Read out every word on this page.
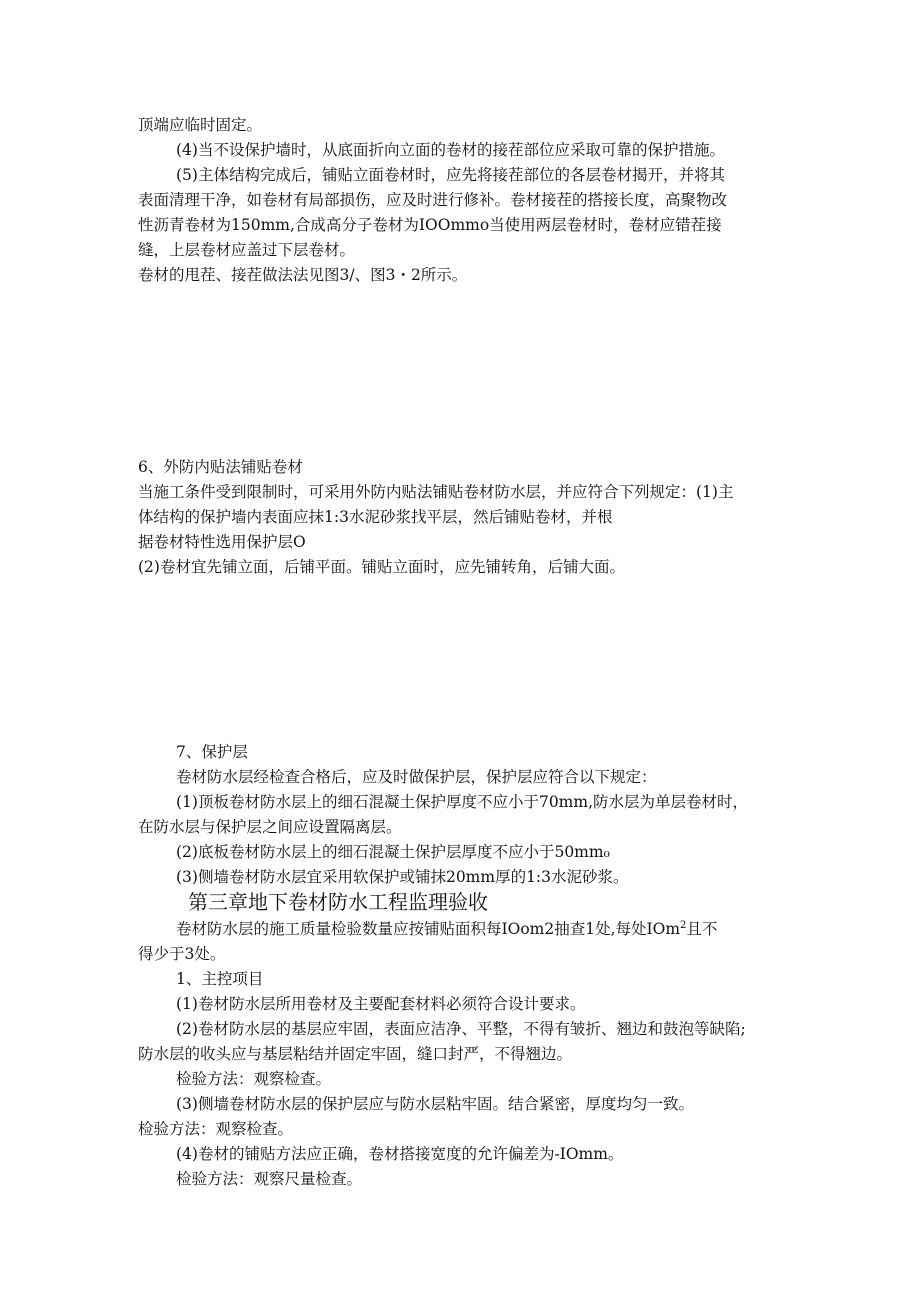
顶端应临时固定。
(4)当不设保护墙时，从底面折向立面的卷材的接茬部位应采取可靠的保护措施。
(5)主体结构完成后，铺贴立面卷材时，应先将接茬部位的各层卷材揭开，并将其
表面清理干净，如卷材有局部损伤，应及时进行修补。卷材接茬的搭接长度，高聚物改
性沥青卷材为150mm,合成高分子卷材为IOOmmo当使用两层卷材时，卷材应错茬接
缝，上层卷材应盖过下层卷材。
卷材的甩茬、接茬做法法见图3/、图3・2所示。
6、外防内贴法铺贴卷材
当施工条件受到限制时，可采用外防内贴法铺贴卷材防水层，并应符合下列规定：(1)主
体结构的保护墙内表面应抹1:3水泥砂浆找平层，然后铺贴卷材，并根
据卷材特性选用保护层O
(2)卷材宜先铺立面，后铺平面。铺贴立面时，应先铺转角，后铺大面。
7、保护层
卷材防水层经检查合格后，应及时做保护层，保护层应符合以下规定：
(1)顶板卷材防水层上的细石混凝土保护厚度不应小于70mm,防水层为单层卷材时，
在防水层与保护层之间应设置隔离层。
(2)底板卷材防水层上的细石混凝土保护层厚度不应小于50mm₀
(3)侧墙卷材防水层宜采用软保护或铺抹20mm厚的1:3水泥砂浆。
第三章地下卷材防水工程监理验收
卷材防水层的施工质量检验数量应按铺贴面积每IOom2抽查1处,每处IOm$^2$且不
得少于3处。
1、主控项目
(1)卷材防水层所用卷材及主要配套材料必须符合设计要求。
(2)卷材防水层的基层应牢固，表面应洁净、平整，不得有皱折、翘边和鼓泡等缺陷;
防水层的收头应与基层粘结并固定牢固，缝口封严，不得翘边。
检验方法：观察检查。
(3)侧墙卷材防水层的保护层应与防水层粘牢固。结合紧密，厚度均匀一致。
检验方法：观察检查。
(4)卷材的铺贴方法应正确，卷材搭接宽度的允许偏差为-IOmm。
检验方法：观察尺量检查。
